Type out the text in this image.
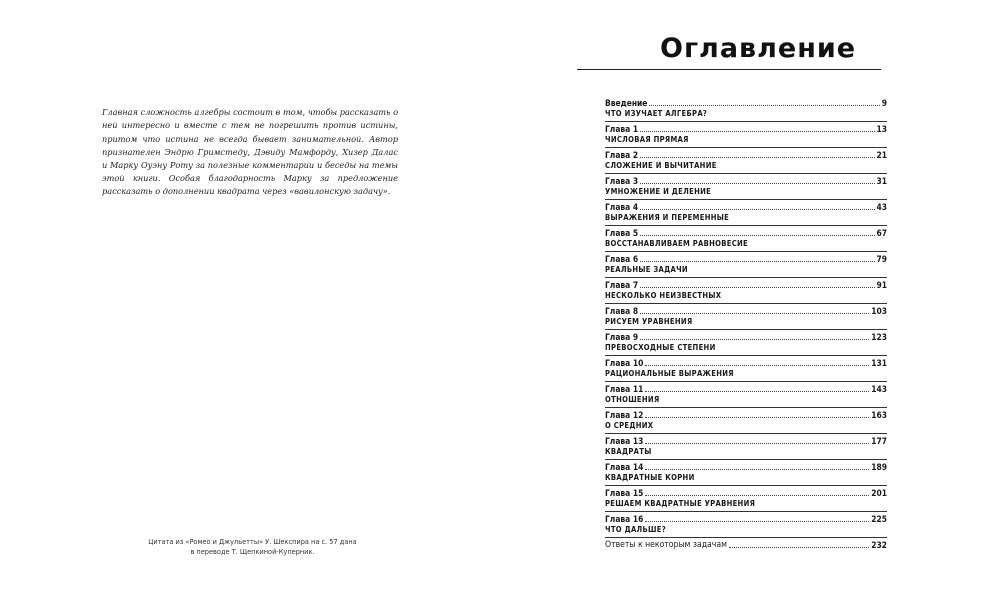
Главная сложность алгебры состоит в том, чтобы рассказать о ней интересно и вместе с тем не погрешить против истины, притом что истина не всегда бывает занимательной. Автор признателен Эндрю Гримстеду, Дэвиду Мамфорду, Хизер Далас и Марку Оуэну Роту за полезные комментарии и беседы на темы этой книги. Особая благодарность Марку за предложение рассказать о дополнении квадрата через «вавилонскую задачу».

Цитата из «Ромео и Джульетты» У. Шекспира на с. 57 дана
в переводе Т. Щепкиной-Куперник.
Оглавление
Введение	9
ЧТО ИЗУЧАЕТ АЛГЕБРА?
Глава 1	13
ЧИСЛОВАЯ ПРЯМАЯ
Глава 2	21
СЛОЖЕНИЕ И ВЫЧИТАНИЕ
Глава 3	31
УМНОЖЕНИЕ И ДЕЛЕНИЕ
Глава 4	43
ВЫРАЖЕНИЯ И ПЕРЕМЕННЫЕ
Глава 5	67
ВОССТАНАВЛИВАЕМ РАВНОВЕСИЕ
Глава 6	79
РЕАЛЬНЫЕ ЗАДАЧИ
Глава 7	91
НЕСКОЛЬКО НЕИЗВЕСТНЫХ
Глава 8	103
РИСУЕМ УРАВНЕНИЯ
Глава 9	123
ПРЕВОСХОДНЫЕ СТЕПЕНИ
Глава 10	131
РАЦИОНАЛЬНЫЕ ВЫРАЖЕНИЯ
Глава 11	143
ОТНОШЕНИЯ
Глава 12	163
О СРЕДНИХ
Глава 13	177
КВАДРАТЫ
Глава 14	189
КВАДРАТНЫЕ КОРНИ
Глава 15	201
РЕШАЕМ КВАДРАТНЫЕ УРАВНЕНИЯ
Глава 16	225
ЧТО ДАЛЬШЕ?
Ответы к некоторым задачам	232
